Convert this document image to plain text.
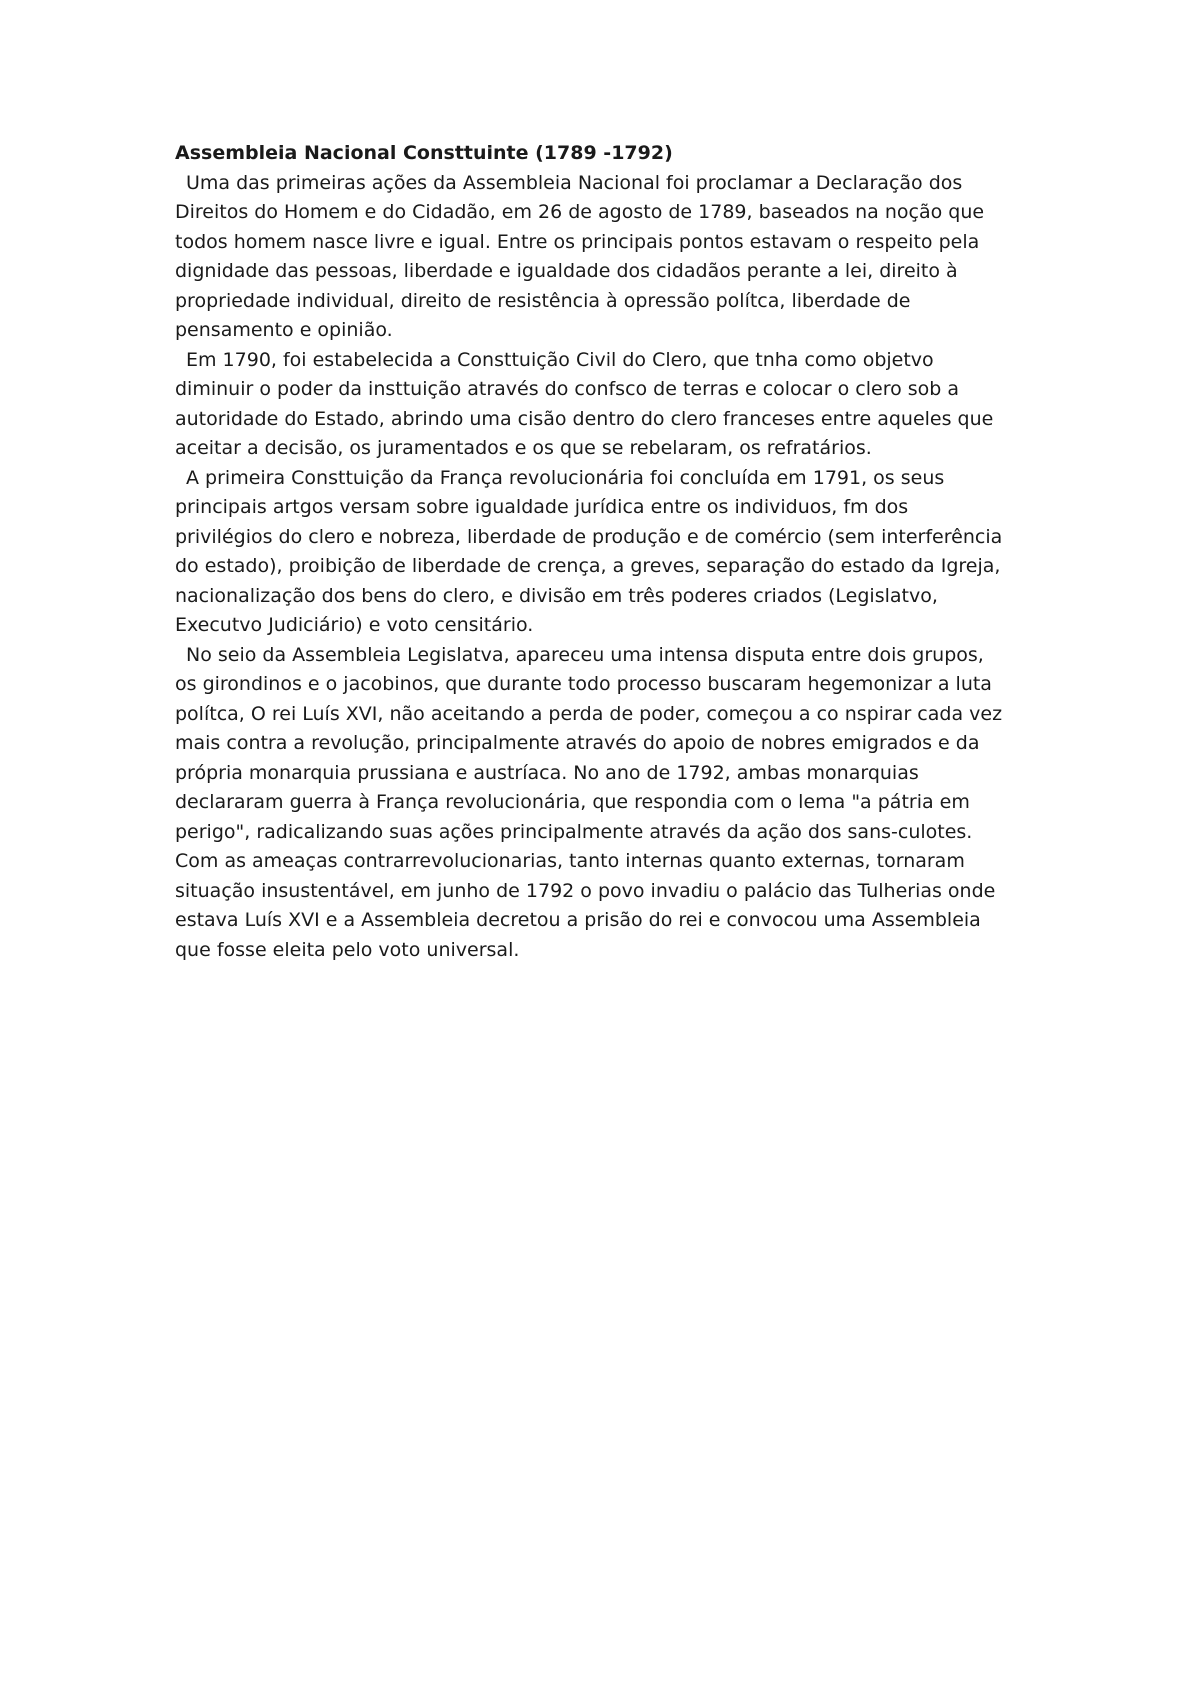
Assembleia Nacional Consttuinte (1789 -1792)
Uma das primeiras ações da Assembleia Nacional foi proclamar a Declaração dos
Direitos do Homem e do Cidadão, em 26 de agosto de 1789, baseados na noção que
todos homem nasce livre e igual. Entre os principais pontos estavam o respeito pela
dignidade das pessoas, liberdade e igualdade dos cidadãos perante a lei, direito à
propriedade individual, direito de resistência à opressão polítca, liberdade de
pensamento e opinião.
Em 1790, foi estabelecida a Consttuição Civil do Clero, que tnha como objetvo
diminuir o poder da insttuição através do confsco de terras e colocar o clero sob a
autoridade do Estado, abrindo uma cisão dentro do clero franceses entre aqueles que
aceitar a decisão, os juramentados e os que se rebelaram, os refratários.
A primeira Consttuição da França revolucionária foi concluída em 1791, os seus
principais artgos versam sobre igualdade jurídica entre os individuos, fm dos
privilégios do clero e nobreza, liberdade de produção e de comércio (sem interferência
do estado), proibição de liberdade de crença, a greves, separação do estado da Igreja,
nacionalização dos bens do clero, e divisão em três poderes criados (Legislatvo,
Executvo Judiciário) e voto censitário.
No seio da Assembleia Legislatva, apareceu uma intensa disputa entre dois grupos,
os girondinos e o jacobinos, que durante todo processo buscaram hegemonizar a luta
polítca, O rei Luís XVI, não aceitando a perda de poder, começou a co nspirar cada vez
mais contra a revolução, principalmente através do apoio de nobres emigrados e da
própria monarquia prussiana e austríaca. No ano de 1792, ambas monarquias
declararam guerra à França revolucionária, que respondia com o lema "a pátria em
perigo", radicalizando suas ações principalmente através da ação dos sans-culotes.
Com as ameaças contrarrevolucionarias, tanto internas quanto externas, tornaram
situação insustentável, em junho de 1792 o povo invadiu o palácio das Tulherias onde
estava Luís XVI e a Assembleia decretou a prisão do rei e convocou uma Assembleia
que fosse eleita pelo voto universal.
